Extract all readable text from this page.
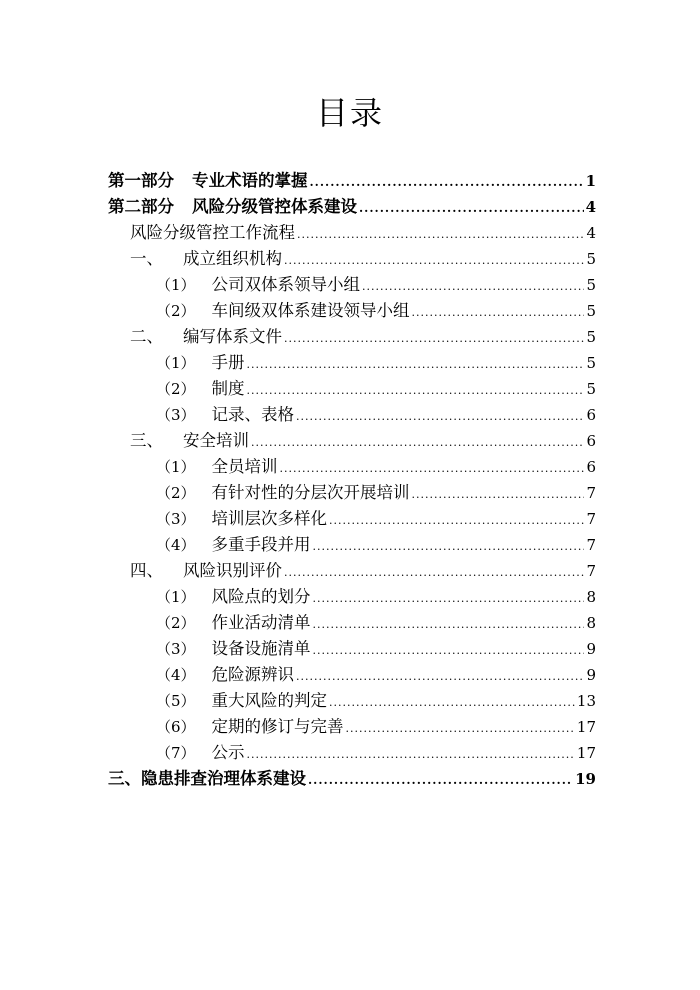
目录
第一部分 专业术语的掌握 .....	1
第二部分 风险分级管控体系建设 .....	4
风险分级管控工作流程 .....	4
一、 成立组织机构 .....	5
（1） 公司双体系领导小组 .....	5
（2） 车间级双体系建设领导小组 .....	5
二、 编写体系文件 .....	5
（1） 手册 .....	5
（2） 制度 .....	5
（3） 记录、表格 .....	6
三、 安全培训 .....	6
（1） 全员培训 .....	6
（2） 有针对性的分层次开展培训 .....	7
（3） 培训层次多样化 .....	7
（4） 多重手段并用 .....	7
四、 风险识别评价 .....	7
（1） 风险点的划分 .....	8
（2） 作业活动清单 .....	8
（3） 设备设施清单 .....	9
（4） 危险源辨识 .....	9
（5） 重大风险的判定 .....	13
（6） 定期的修订与完善 .....	17
（7） 公示 .....	17
三、隐患排查治理体系建设 .....	19
